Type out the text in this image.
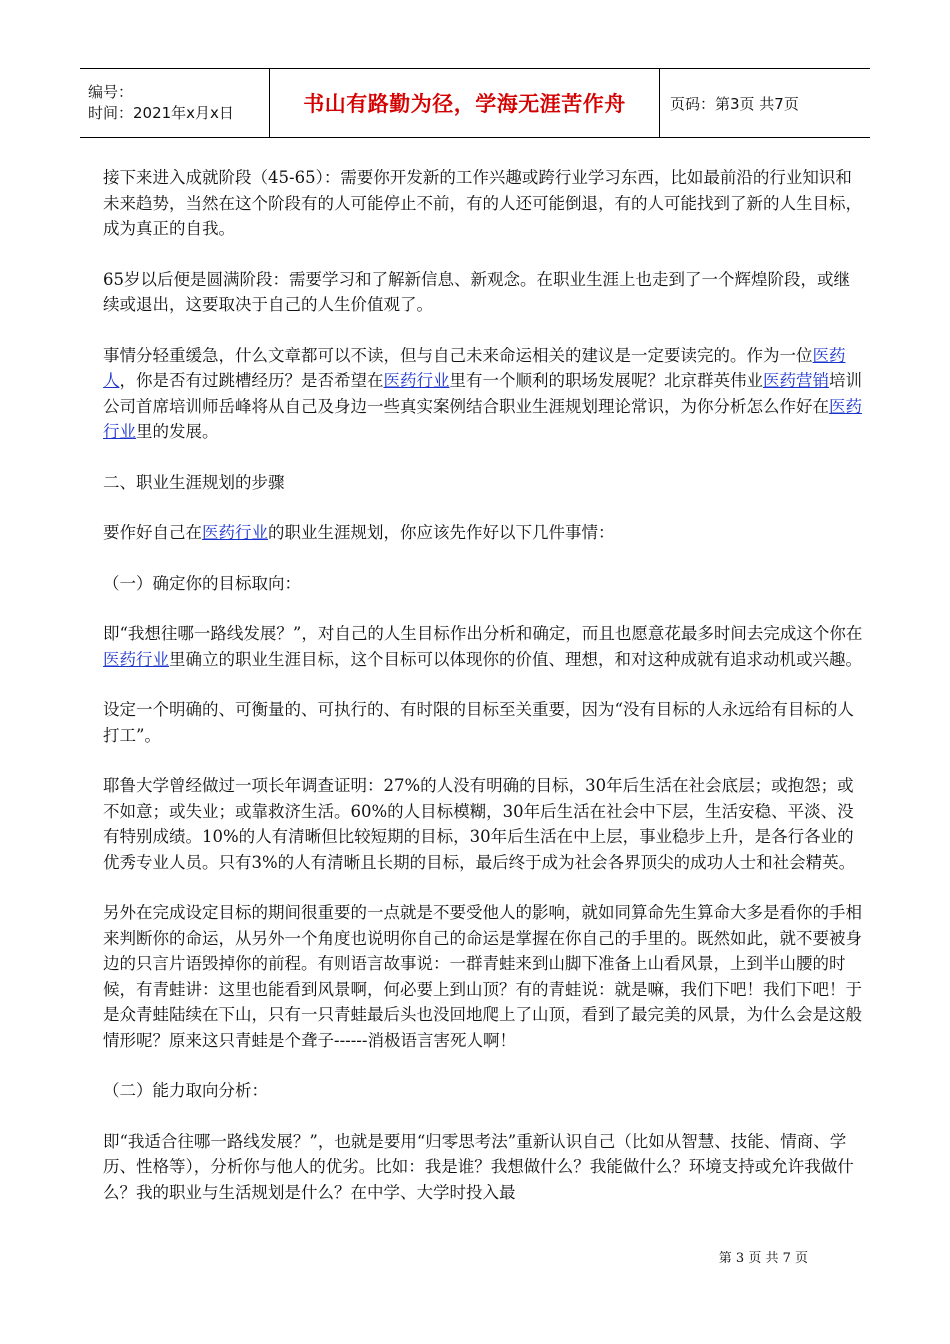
编号：
时间：2021年x月x日	书山有路勤为径，学海无涯苦作舟	页码：第3页 共7页

接下来进入成就阶段（45-65）：需要你开发新的工作兴趣或跨行业学习东西，比如最前沿的行业知识和未来趋势，当然在这个阶段有的人可能停止不前，有的人还可能倒退，有的人可能找到了新的人生目标，成为真正的自我。

65岁以后便是圆满阶段：需要学习和了解新信息、新观念。在职业生涯上也走到了一个辉煌阶段，或继续或退出，这要取决于自己的人生价值观了。

事情分轻重缓急，什么文章都可以不读，但与自己未来命运相关的建议是一定要读完的。作为一位医药人，你是否有过跳槽经历？是否希望在医药行业里有一个顺利的职场发展呢？北京群英伟业医药营销培训公司首席培训师岳峰将从自己及身边一些真实案例结合职业生涯规划理论常识，为你分析怎么作好在医药行业里的发展。

二、职业生涯规划的步骤

要作好自己在医药行业的职业生涯规划，你应该先作好以下几件事情：

（一）确定你的目标取向：

即“我想往哪一路线发展？”，对自己的人生目标作出分析和确定，而且也愿意花最多时间去完成这个你在医药行业里确立的职业生涯目标，这个目标可以体现你的价值、理想，和对这种成就有追求动机或兴趣。

设定一个明确的、可衡量的、可执行的、有时限的目标至关重要，因为“没有目标的人永远给有目标的人打工”。

耶鲁大学曾经做过一项长年调查证明：27%的人没有明确的目标，30年后生活在社会底层；或抱怨；或不如意；或失业；或靠救济生活。60%的人目标模糊，30年后生活在社会中下层，生活安稳、平淡、没有特别成绩。10%的人有清晰但比较短期的目标，30年后生活在中上层，事业稳步上升，是各行各业的优秀专业人员。只有3%的人有清晰且长期的目标，最后终于成为社会各界顶尖的成功人士和社会精英。

另外在完成设定目标的期间很重要的一点就是不要受他人的影响，就如同算命先生算命大多是看你的手相来判断你的命运，从另外一个角度也说明你自己的命运是掌握在你自己的手里的。既然如此，就不要被身边的只言片语毁掉你的前程。有则语言故事说：一群青蛙来到山脚下准备上山看风景，上到半山腰的时候，有青蛙讲：这里也能看到风景啊，何必要上到山顶？有的青蛙说：就是嘛，我们下吧！我们下吧！于是众青蛙陆续在下山，只有一只青蛙最后头也没回地爬上了山顶，看到了最完美的风景，为什么会是这般情形呢？原来这只青蛙是个聋子------消极语言害死人啊！

（二）能力取向分析：

即“我适合往哪一路线发展？”，也就是要用“归零思考法”重新认识自己（比如从智慧、技能、情商、学历、性格等），分析你与他人的优劣。比如：我是谁？我想做什么？我能做什么？环境支持或允许我做什么？我的职业与生活规划是什么？在中学、大学时投入最

第 3 页 共 7 页
